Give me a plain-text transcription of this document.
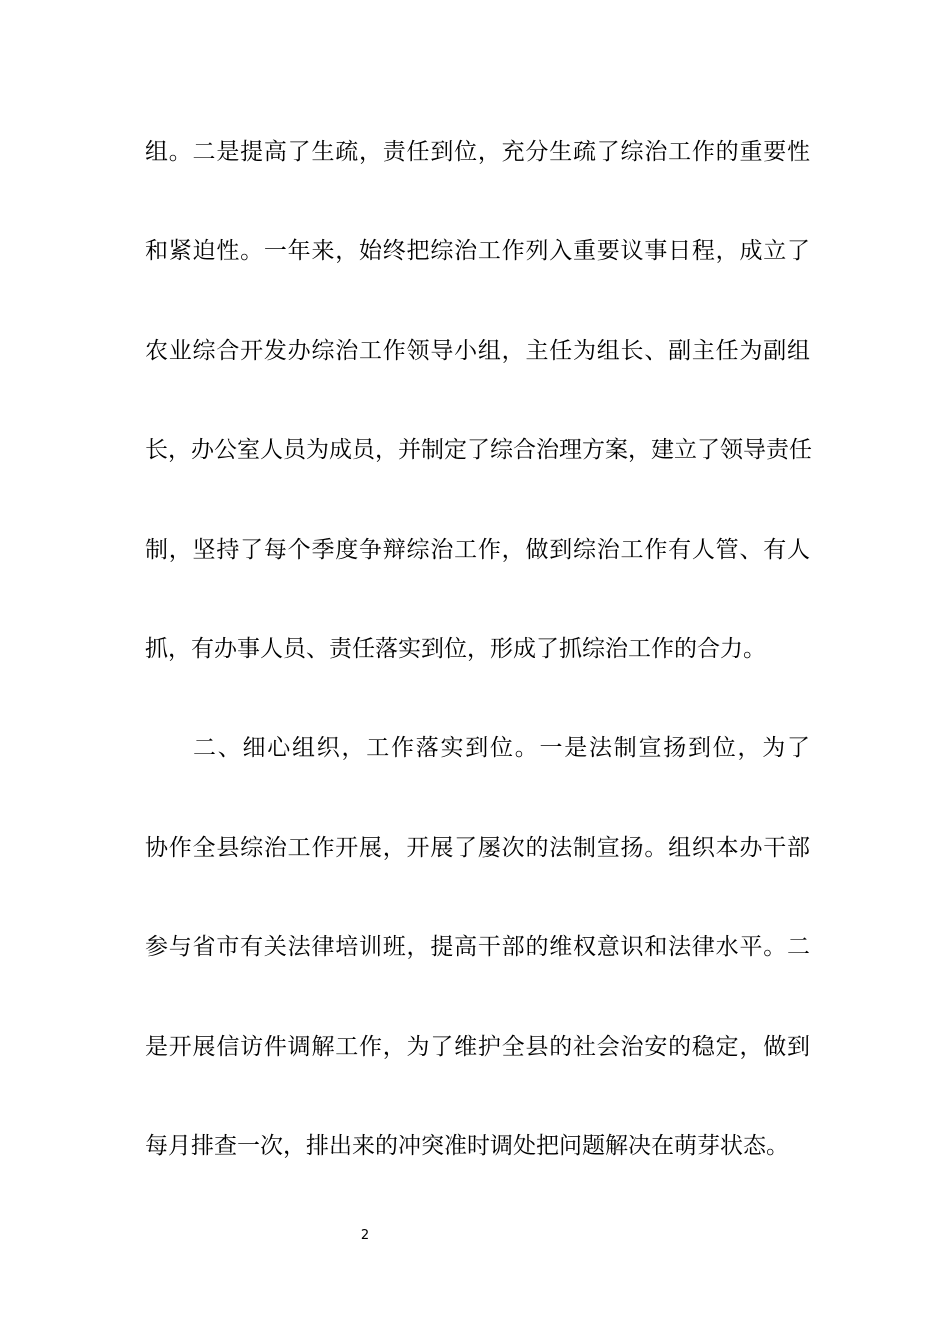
组。二是提高了生疏，责任到位，充分生疏了综治工作的重要性
和紧迫性。一年来，始终把综治工作列入重要议事日程，成立了
农业综合开发办综治工作领导小组，主任为组长、副主任为副组
长，办公室人员为成员，并制定了综合治理方案，建立了领导责任
制，坚持了每个季度争辩综治工作，做到综治工作有人管、有人
抓，有办事人员、责任落实到位，形成了抓综治工作的合力。
二、细心组织，工作落实到位。一是法制宣扬到位，为了
协作全县综治工作开展，开展了屡次的法制宣扬。组织本办干部
参与省市有关法律培训班，提高干部的维权意识和法律水平。二
是开展信访件调解工作，为了维护全县的社会治安的稳定，做到
每月排查一次，排出来的冲突准时调处把问题解决在萌芽状态。
2
